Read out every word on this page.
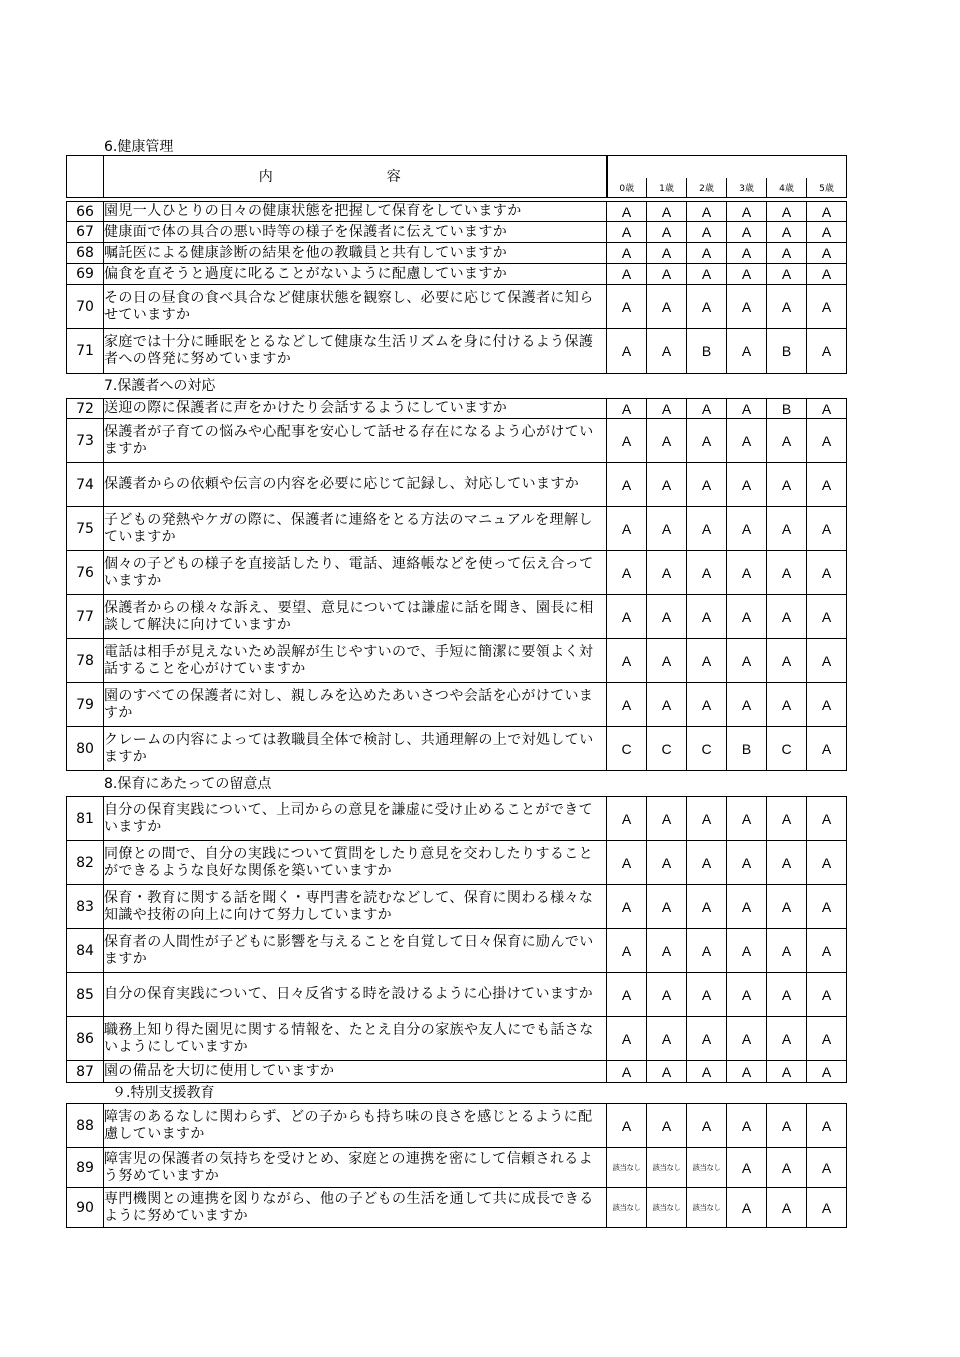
	内　容						
		0歳	1歳	2歳	3歳	4歳	5歳
6.健康管理
66	園児一人ひとりの日々の健康状態を把握して保育をしていますか	A	A	A	A	A	A
67	健康面で体の具合の悪い時等の様子を保護者に伝えていますか	A	A	A	A	A	A
68	嘱託医による健康診断の結果を他の教職員と共有していますか	A	A	A	A	A	A
69	偏食を直そうと過度に叱ることがないように配慮していますか	A	A	A	A	A	A
70	その日の昼食の食べ具合など健康状態を観察し、必要に応じて保護者に知らせていますか	A	A	A	A	A	A
71	家庭では十分に睡眠をとるなどして健康な生活リズムを身に付けるよう保護者への啓発に努めていますか	A	A	B	A	B	A
7.保護者への対応
72	送迎の際に保護者に声をかけたり会話するようにしていますか	A	A	A	A	B	A
73	保護者が子育ての悩みや心配事を安心して話せる存在になるよう心がけていますか	A	A	A	A	A	A
74	保護者からの依頼や伝言の内容を必要に応じて記録し、対応していますか	A	A	A	A	A	A
75	子どもの発熱やケガの際に、保護者に連絡をとる方法のマニュアルを理解していますか	A	A	A	A	A	A
76	個々の子どもの様子を直接話したり、電話、連絡帳などを使って伝え合っていますか	A	A	A	A	A	A
77	保護者からの様々な訴え、要望、意見については謙虚に話を聞き、園長に相談して解決に向けていますか	A	A	A	A	A	A
78	電話は相手が見えないため誤解が生じやすいので、手短に簡潔に要領よく対話することを心がけていますか	A	A	A	A	A	A
79	園のすべての保護者に対し、親しみを込めたあいさつや会話を心がけていますか	A	A	A	A	A	A
80	クレームの内容によっては教職員全体で検討し、共通理解の上で対処していますか	C	C	C	B	C	A
8.保育にあたっての留意点
81	自分の保育実践について、上司からの意見を謙虚に受け止めることができていますか	A	A	A	A	A	A
82	同僚との間で、自分の実践について質問をしたり意見を交わしたりすることができるような良好な関係を築いていますか	A	A	A	A	A	A
83	保育・教育に関する話を聞く・専門書を読むなどして、保育に関わる様々な知識や技術の向上に向けて努力していますか	A	A	A	A	A	A
84	保育者の人間性が子どもに影響を与えることを自覚して日々保育に励んでいますか	A	A	A	A	A	A
85	自分の保育実践について、日々反省する時を設けるように心掛けていますか	A	A	A	A	A	A
86	職務上知り得た園児に関する情報を、たとえ自分の家族や友人にでも話さないようにしていますか	A	A	A	A	A	A
87	園の備品を大切に使用していますか	A	A	A	A	A	A
９.特別支援教育
88	障害のあるなしに関わらず、どの子からも持ち味の良さを感じとるように配慮していますか	A	A	A	A	A	A
89	障害児の保護者の気持ちを受けとめ、家庭との連携を密にして信頼されるよう努めていますか	該当なし	該当なし	該当なし	A	A	A
90	専門機関との連携を図りながら、他の子どもの生活を通して共に成長できるように努めていますか	該当なし	該当なし	該当なし	A	A	A
